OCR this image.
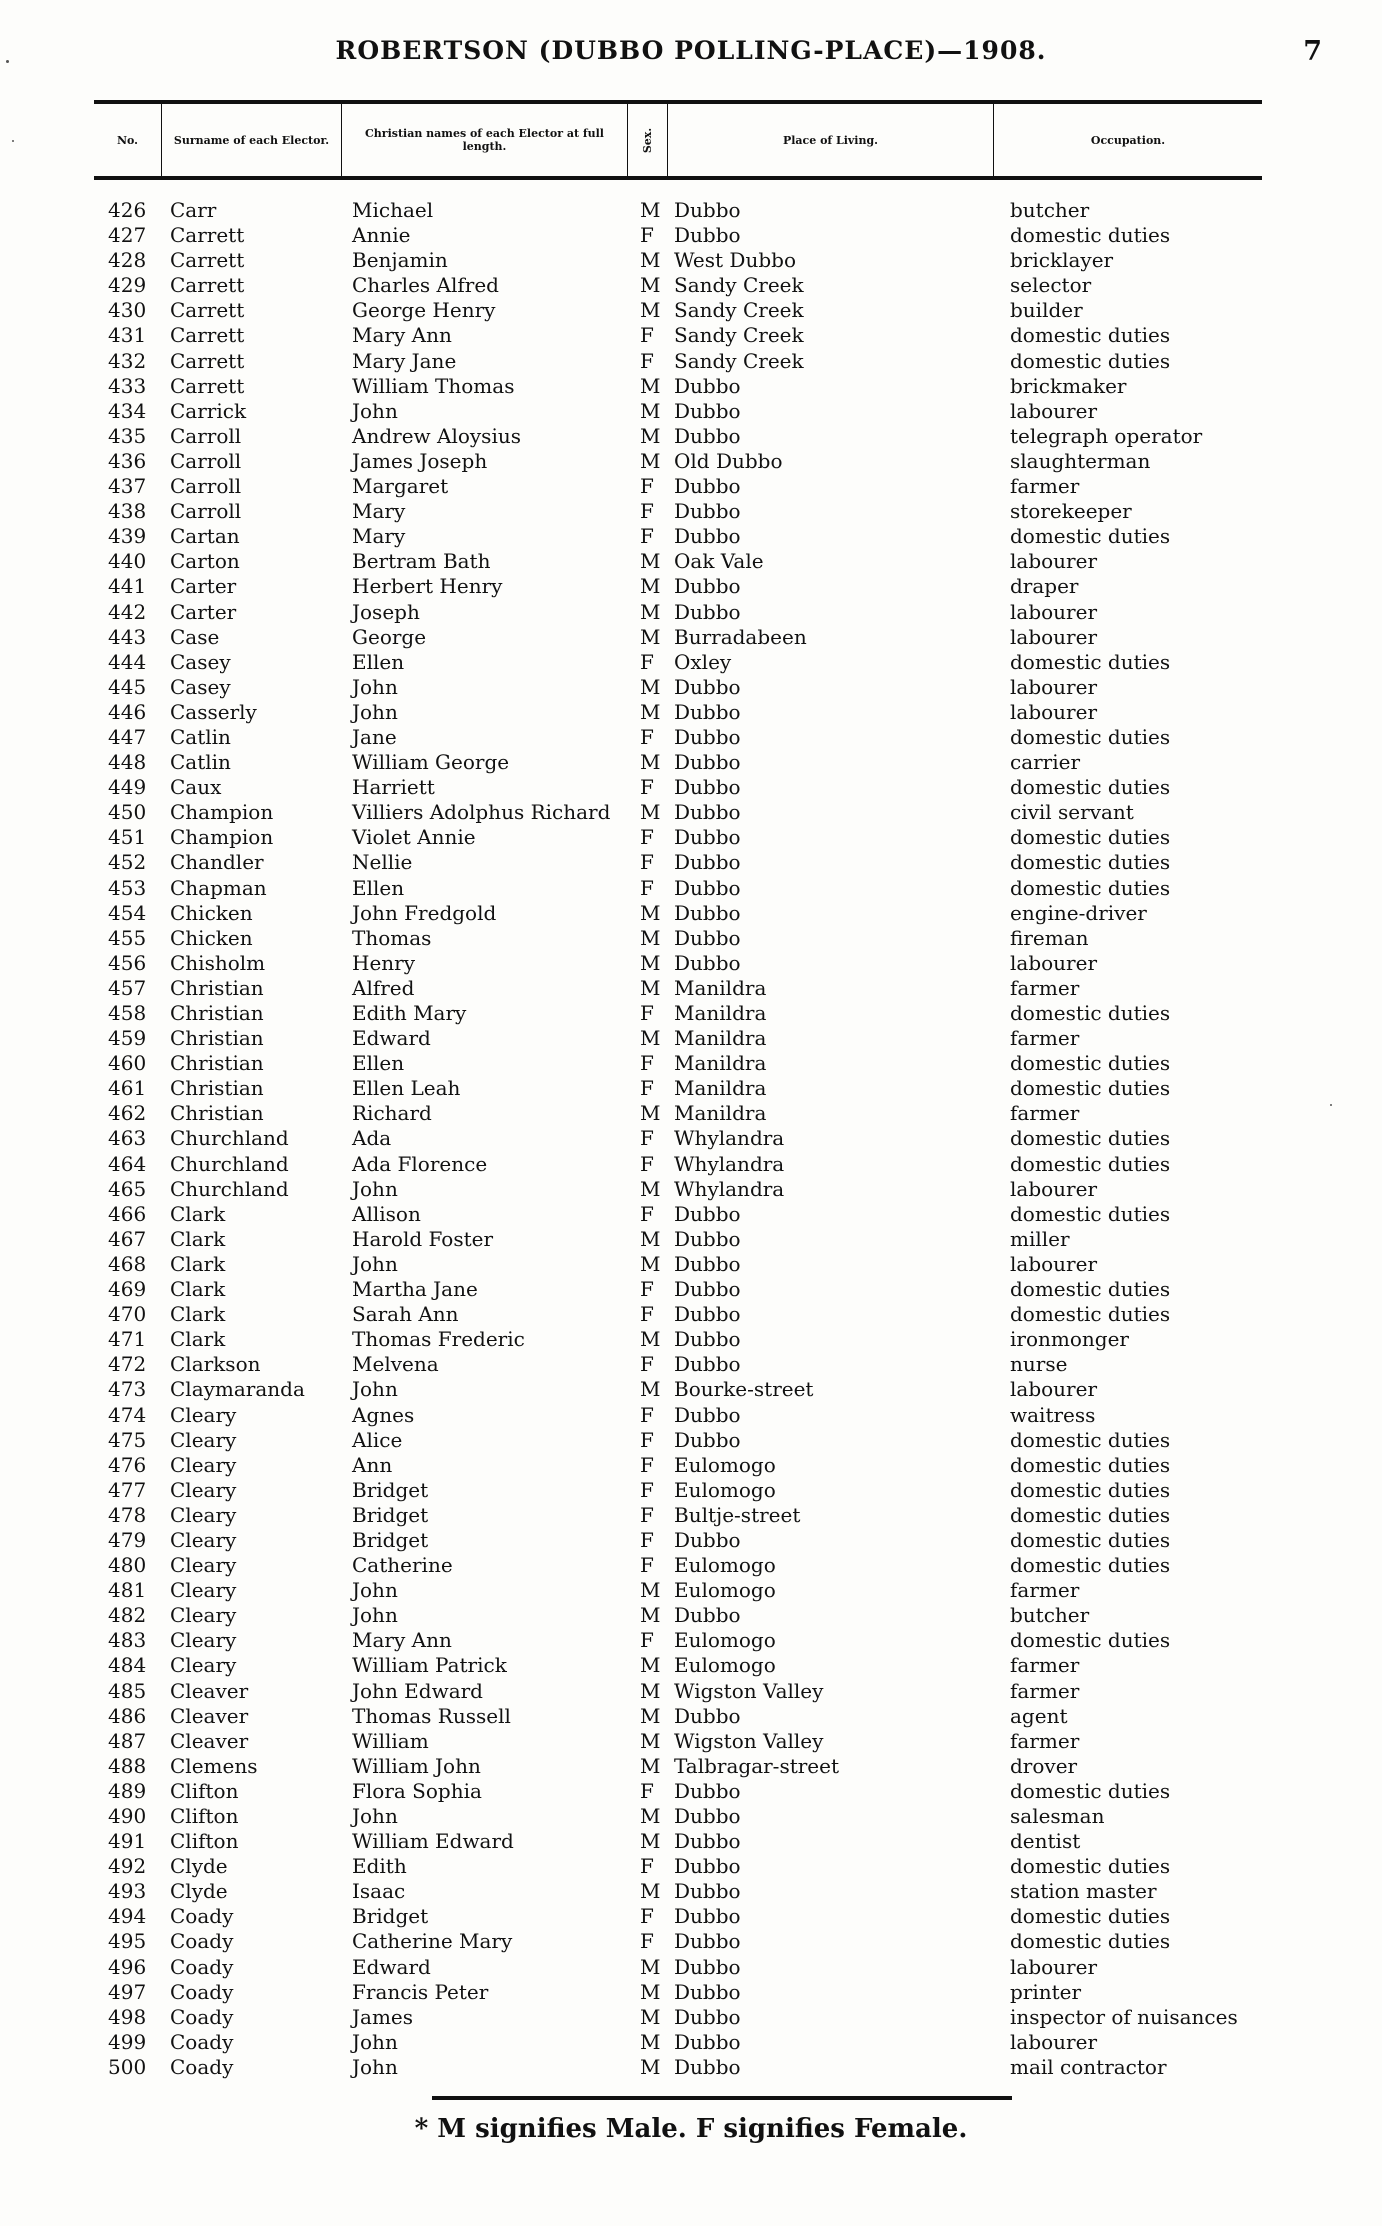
ROBERTSON (DUBBO POLLING-PLACE)—1908.	7
No.	Surname of each Elector.	Christian names of each Elector at full length.	Sex.	Place of Living.	Occupation.
426 Carr	Michael	M Dubbo	butcher
427 Carrett	Annie	F Dubbo	domestic duties
428 Carrett	Benjamin	M West Dubbo	bricklayer
429 Carrett	Charles Alfred	M Sandy Creek	selector
430 Carrett	George Henry	M Sandy Creek	builder
431 Carrett	Mary Ann	F Sandy Creek	domestic duties
432 Carrett	Mary Jane	F Sandy Creek	domestic duties
433 Carrett	William Thomas	M Dubbo	brickmaker
434 Carrick	John	M Dubbo	labourer
435 Carroll	Andrew Aloysius	M Dubbo	telegraph operator
436 Carroll	James Joseph	M Old Dubbo	slaughterman
437 Carroll	Margaret	F Dubbo	farmer
438 Carroll	Mary	F Dubbo	storekeeper
439 Cartan	Mary	F Dubbo	domestic duties
440 Carton	Bertram Bath	M Oak Vale	labourer
441 Carter	Herbert Henry	M Dubbo	draper
442 Carter	Joseph	M Dubbo	labourer
443 Case	George	M Burradabeen	labourer
444 Casey	Ellen	F Oxley	domestic duties
445 Casey	John	M Dubbo	labourer
446 Casserly	John	M Dubbo	labourer
447 Catlin	Jane	F Dubbo	domestic duties
448 Catlin	William George	M Dubbo	carrier
449 Caux	Harriett	F Dubbo	domestic duties
450 Champion	Villiers Adolphus Richard M Dubbo	civil servant
451 Champion	Violet Annie	F Dubbo	domestic duties
452 Chandler	Nellie	F Dubbo	domestic duties
453 Chapman	Ellen	F Dubbo	domestic duties
454 Chicken	John Fredgold	M Dubbo	engine-driver
455 Chicken	Thomas	M Dubbo	fireman
456 Chisholm	Henry	M Dubbo	labourer
457 Christian	Alfred	M Manildra	farmer
458 Christian	Edith Mary	F Manildra	domestic duties
459 Christian	Edward	M Manildra	farmer
460 Christian	Ellen	F Manildra	domestic duties
461 Christian	Ellen Leah	F Manildra	domestic duties
462 Christian	Richard	M Manildra	farmer
463 Churchland	Ada	F Whylandra	domestic duties
464 Churchland	Ada Florence	F Whylandra	domestic duties
465 Churchland	John	M Whylandra	labourer
466 Clark	Allison	F Dubbo	domestic duties
467 Clark	Harold Foster	M Dubbo	miller
468 Clark	John	M Dubbo	labourer
469 Clark	Martha Jane	F Dubbo	domestic duties
470 Clark	Sarah Ann	F Dubbo	domestic duties
471 Clark	Thomas Frederic	M Dubbo	ironmonger
472 Clarkson	Melvena	F Dubbo	nurse
473 Claymaranda John	M Bourke-street	labourer
474 Cleary	Agnes	F Dubbo	waitress
475 Cleary	Alice	F Dubbo	domestic duties
476 Cleary	Ann	F Eulomogo	domestic duties
477 Cleary	Bridget	F Eulomogo	domestic duties
478 Cleary	Bridget	F Bultje-street	domestic duties
479 Cleary	Bridget	F Dubbo	domestic duties
480 Cleary	Catherine	F Eulomogo	domestic duties
481 Cleary	John	M Eulomogo	farmer
482 Cleary	John	M Dubbo	butcher
483 Cleary	Mary Ann	F Eulomogo	domestic duties
484 Cleary	William Patrick	M Eulomogo	farmer
485 Cleaver	John Edward	M Wigston Valley	farmer
486 Cleaver	Thomas Russell	M Dubbo	agent
487 Cleaver	William	M Wigston Valley	farmer
488 Clemens	William John	M Talbragar-street	drover
489 Clifton	Flora Sophia	F Dubbo	domestic duties
490 Clifton	John	M Dubbo	salesman
491 Clifton	William Edward	M Dubbo	dentist
492 Clyde	Edith	F Dubbo	domestic duties
493 Clyde	Isaac	M Dubbo	station master
494 Coady	Bridget	F Dubbo	domestic duties
495 Coady	Catherine Mary	F Dubbo	domestic duties
496 Coady	Edward	M Dubbo	labourer
497 Coady	Francis Peter	M Dubbo	printer
498 Coady	James	M Dubbo	inspector of nuisances
499 Coady	John	M Dubbo	labourer
500 Coady	John	M Dubbo	mail contractor
* M signifies Male. F signifies Female.
